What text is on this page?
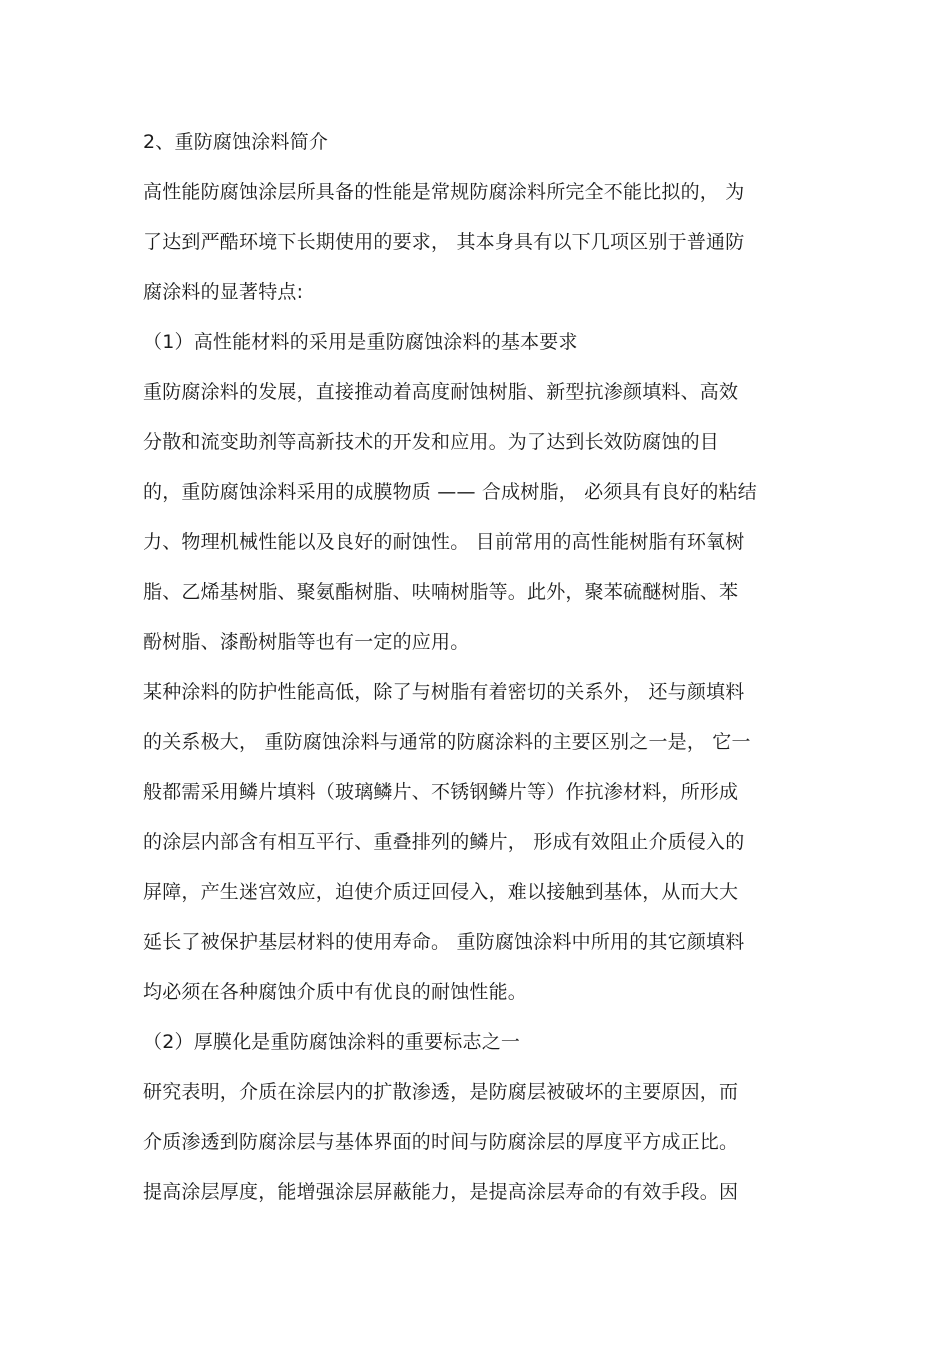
2、重防腐蚀涂料简介
高性能防腐蚀涂层所具备的性能是常规防腐涂料所完全不能比拟的， 为
了达到严酷环境下长期使用的要求， 其本身具有以下几项区别于普通防
腐涂料的显著特点:
（1）高性能材料的采用是重防腐蚀涂料的基本要求
重防腐涂料的发展，直接推动着高度耐蚀树脂、新型抗渗颜填料、高效
分散和流变助剂等高新技术的开发和应用。为了达到长效防腐蚀的目
的，重防腐蚀涂料采用的成膜物质 —— 合成树脂， 必须具有良好的粘结
力、物理机械性能以及良好的耐蚀性。 目前常用的高性能树脂有环氧树
脂、乙烯基树脂、聚氨酯树脂、呋喃树脂等。此外，聚苯硫醚树脂、苯
酚树脂、漆酚树脂等也有一定的应用。
某种涂料的防护性能高低，除了与树脂有着密切的关系外， 还与颜填料
的关系极大， 重防腐蚀涂料与通常的防腐涂料的主要区别之一是， 它一
般都需采用鳞片填料（玻璃鳞片、不锈钢鳞片等）作抗渗材料，所形成
的涂层内部含有相互平行、重叠排列的鳞片， 形成有效阻止介质侵入的
屏障，产生迷宫效应，迫使介质迂回侵入，难以接触到基体，从而大大
延长了被保护基层材料的使用寿命。 重防腐蚀涂料中所用的其它颜填料
均必须在各种腐蚀介质中有优良的耐蚀性能。
（2）厚膜化是重防腐蚀涂料的重要标志之一
研究表明，介质在涂层内的扩散渗透，是防腐层被破坏的主要原因，而
介质渗透到防腐涂层与基体界面的时间与防腐涂层的厚度平方成正比。
提高涂层厚度，能增强涂层屏蔽能力，是提高涂层寿命的有效手段。因
